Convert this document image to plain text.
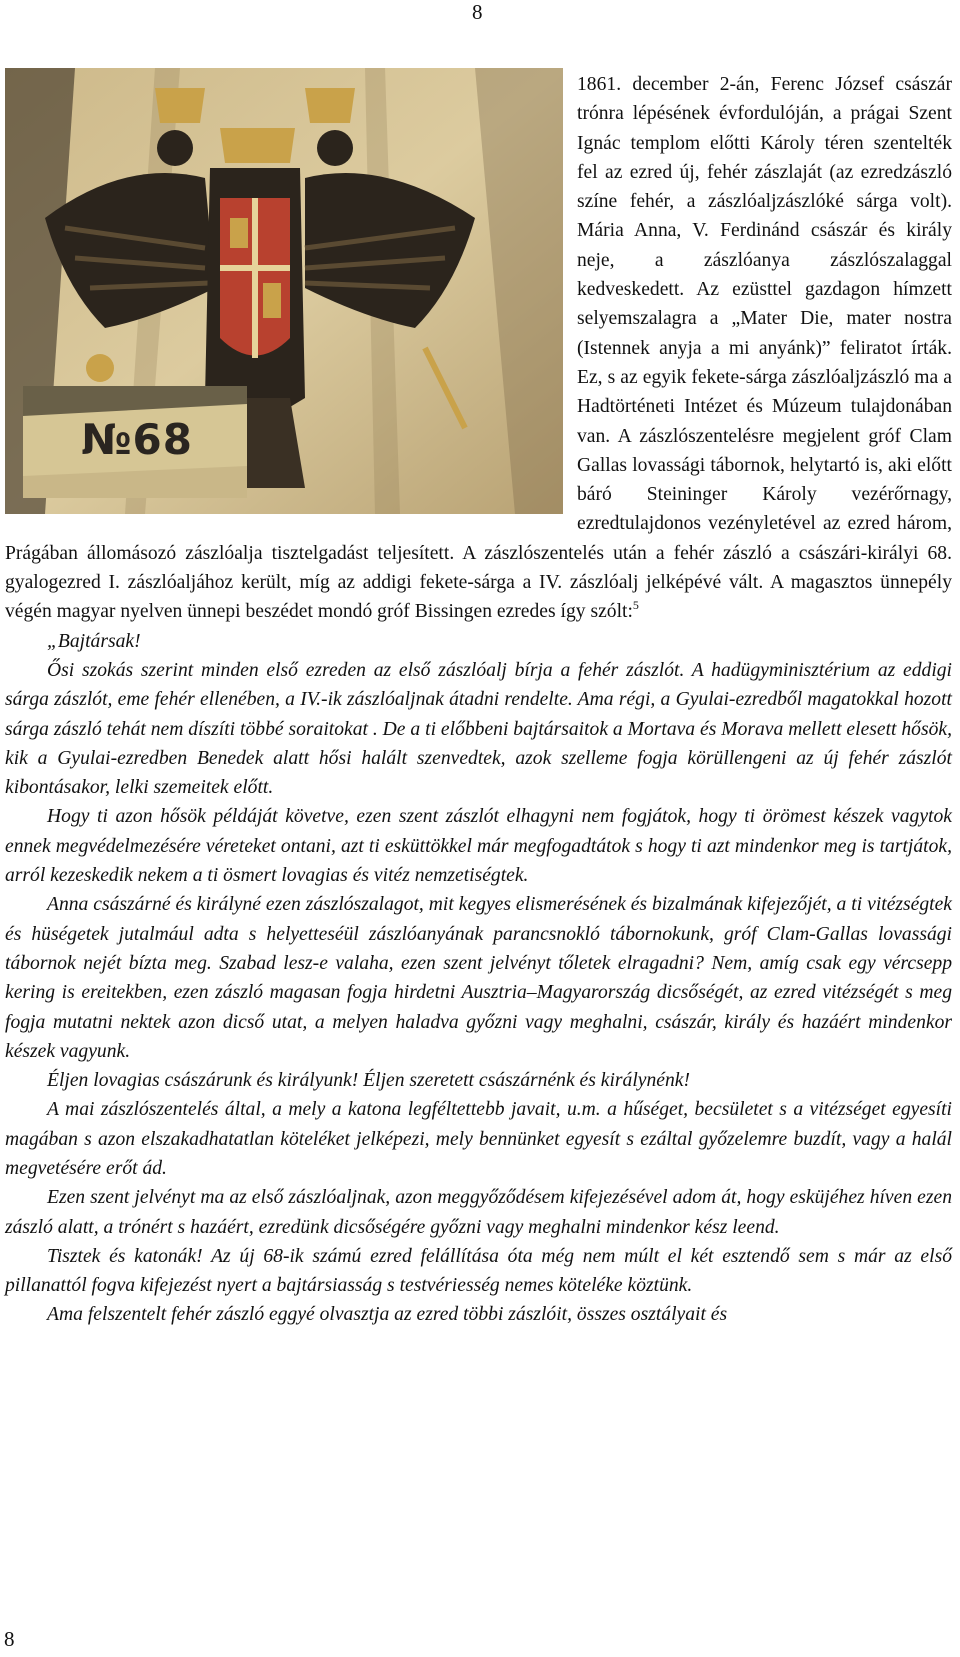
8
№68

1861. december 2-án, Ferenc József császár trónra lépésének évfordulóján, a prágai Szent Ignác templom előtti Károly téren szentelték fel az ezred új, fehér zászlaját (az ezredzászló színe fehér, a zászlóaljzászlóké sárga volt). Mária Anna, V. Ferdinánd császár és király neje, a zászlóanya zászlószalaggal kedveskedett. Az ezüsttel gazdagon hímzett selyemszalagra a „Mater Die, mater nostra (Istennek anyja a mi anyánk)” feliratot írták. Ez, s az egyik fekete-sárga zászlóaljzászló ma a Hadtörténeti Intézet és Múzeum tulajdonában van. A zászlószentelésre megjelent gróf Clam Gallas lovassági tábornok, helytartó is, aki előtt báró Steininger Károly vezérőrnagy, ezredtulajdonos vezényletével az ezred három, Prágában állomásozó zászlóalja tisztelgadást teljesített. A zászlószentelés után a fehér zászló a császári-királyi 68. gyalogezred I. zászlóaljához került, míg az addigi fekete-sárga a IV. zászlóalj jelképévé vált. A magasztos ünnepély végén magyar nyelven ünnepi beszédet mondó gróf Bissingen ezredes így szólt:$^5$

„Bajtársak!

Ősi szokás szerint minden első ezreden az első zászlóalj bírja a fehér zászlót. A hadügyminisztérium az eddigi sárga zászlót, eme fehér ellenében, a IV.-ik zászlóaljnak átadni rendelte. Ama régi, a Gyulai-ezredből magatokkal hozott sárga zászló tehát nem díszíti többé soraitokat . De a ti előbbeni bajtársaitok a Mortava és Morava mellett elesett hősök, kik a Gyulai-ezredben Benedek alatt hősi halált szenvedtek, azok szelleme fogja körüllengeni az új fehér zászlót kibontásakor, lelki szemeitek előtt.

Hogy ti azon hősök példáját követve, ezen szent zászlót elhagyni nem fogjátok, hogy ti örömest készek vagytok ennek megvédelmezésére véreteket ontani, azt ti esküttökkel már megfogadtátok s hogy ti azt mindenkor meg is tartjátok, arról kezeskedik nekem a ti ösmert lovagias és vitéz nemzetiségtek.

Anna császárné és királyné ezen zászlószalagot, mit kegyes elismerésének és bizalmának kifejezőjét, a ti vitézségtek és hüségetek jutalmául adta s helyetteséül zászlóanyának parancsnokló tábornokunk, gróf Clam-Gallas lovassági tábornok nejét bízta meg. Szabad lesz-e valaha, ezen szent jelvényt tőletek elragadni? Nem, amíg csak egy vércsepp kering is ereitekben, ezen zászló magasan fogja hirdetni Ausztria–Magyarország dicsőségét, az ezred vitézségét s meg fogja mutatni nektek azon dicső utat, a melyen haladva győzni vagy meghalni, császár, király és hazáért mindenkor készek vagyunk.

Éljen lovagias császárunk és királyunk! Éljen szeretett császárnénk és királynénk!

A mai zászlószentelés által, a mely a katona legféltettebb javait, u.m. a hűséget, becsületet s a vitézséget egyesíti magában s azon elszakadhatatlan köteléket jelképezi, mely bennünket egyesít s ezáltal győzelemre buzdít, vagy a halál megvetésére erőt ád.

Ezen szent jelvényt ma az első zászlóaljnak, azon meggyőződésem kifejezésével adom át, hogy esküjéhez híven ezen zászló alatt, a trónért s hazáért, ezredünk dicsőségére győzni vagy meghalni mindenkor kész leend.

Tisztek és katonák! Az új 68-ik számú ezred felállítása óta még nem múlt el két esztendő sem s már az első pillanattól fogva kifejezést nyert a bajtársiasság s testvériesség nemes köteléke köztünk.

Ama felszentelt fehér zászló eggyé olvasztja az ezred többi zászlóit, összes osztályait és

8
